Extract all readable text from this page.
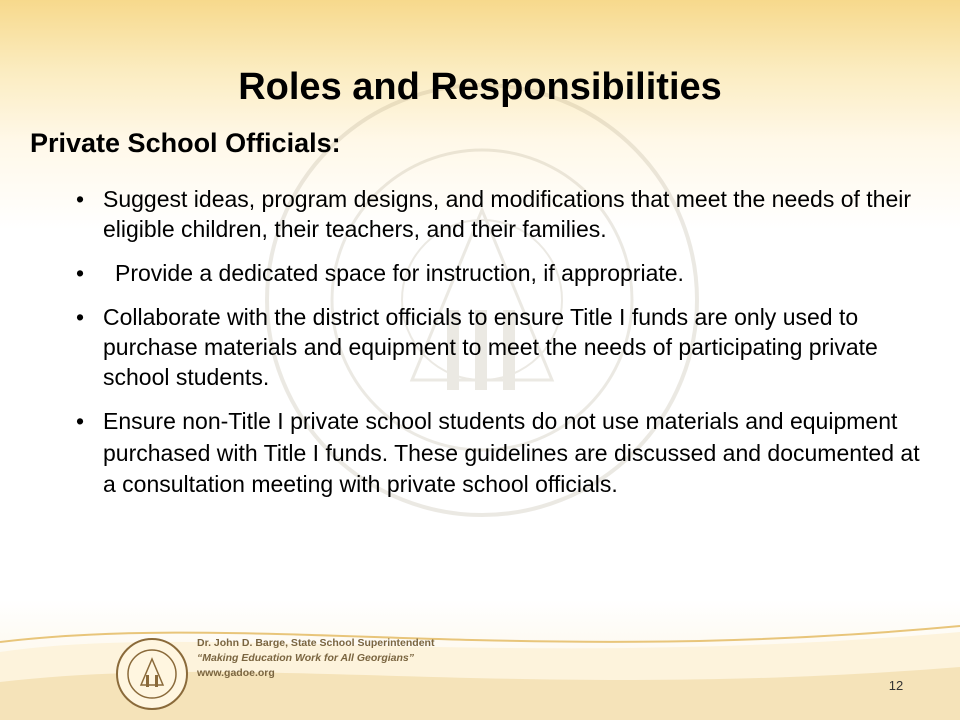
Roles and Responsibilities
Private School Officials:
• Suggest ideas, program designs, and modifications that meet the needs of their eligible children, their teachers, and their families.
• Provide a dedicated space for instruction, if appropriate.
• Collaborate with the district officials to ensure Title I funds are only used to purchase materials and equipment to meet the needs of participating private school students.
• Ensure non-Title I private school students do not use materials and equipment purchased with Title I funds. These guidelines are discussed and documented at a consultation meeting with private school officials.
Dr. John D. Barge, State School Superintendent
“Making Education Work for All Georgians”
www.gadoe.org
12
